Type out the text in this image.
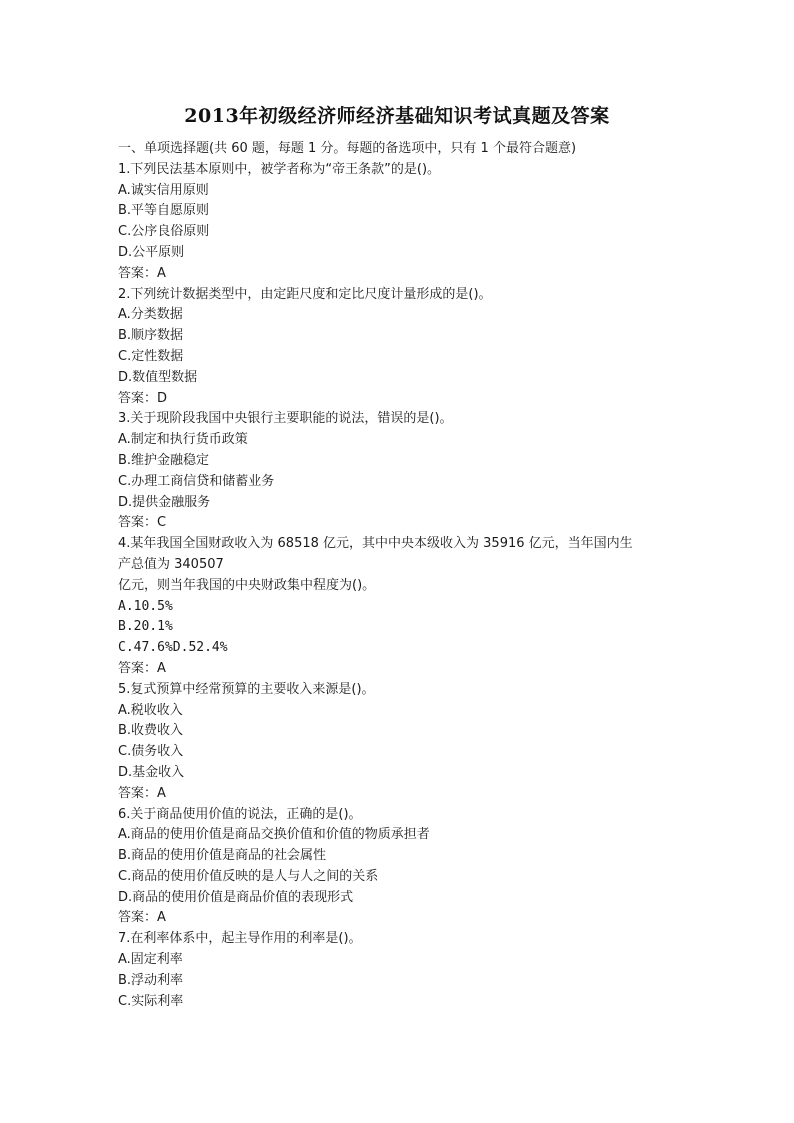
2013年初级经济师经济基础知识考试真题及答案
一、单项选择题(共 60 题，每题 1 分。每题的备选项中，只有 1 个最符合题意)
1.下列民法基本原则中，被学者称为“帝王条款”的是()。
A.诚实信用原则
B.平等自愿原则
C.公序良俗原则
D.公平原则
答案：A
2.下列统计数据类型中，由定距尺度和定比尺度计量形成的是()。
A.分类数据
B.顺序数据
C.定性数据
D.数值型数据
答案：D
3.关于现阶段我国中央银行主要职能的说法，错误的是()。
A.制定和执行货币政策
B.维护金融稳定
C.办理工商信贷和储蓄业务
D.提供金融服务
答案：C
4.某年我国全国财政收入为 68518 亿元，其中中央本级收入为 35916 亿元，当年国内生
产总值为 340507
亿元，则当年我国的中央财政集中程度为()。
A.10.5%
B.20.1%
C.47.6%D.52.4%
答案：A
5.复式预算中经常预算的主要收入来源是()。
A.税收收入
B.收费收入
C.债务收入
D.基金收入
答案：A
6.关于商品使用价值的说法，正确的是()。
A.商品的使用价值是商品交换价值和价值的物质承担者
B.商品的使用价值是商品的社会属性
C.商品的使用价值反映的是人与人之间的关系
D.商品的使用价值是商品价值的表现形式
答案：A
7.在利率体系中，起主导作用的利率是()。
A.固定利率
B.浮动利率
C.实际利率
